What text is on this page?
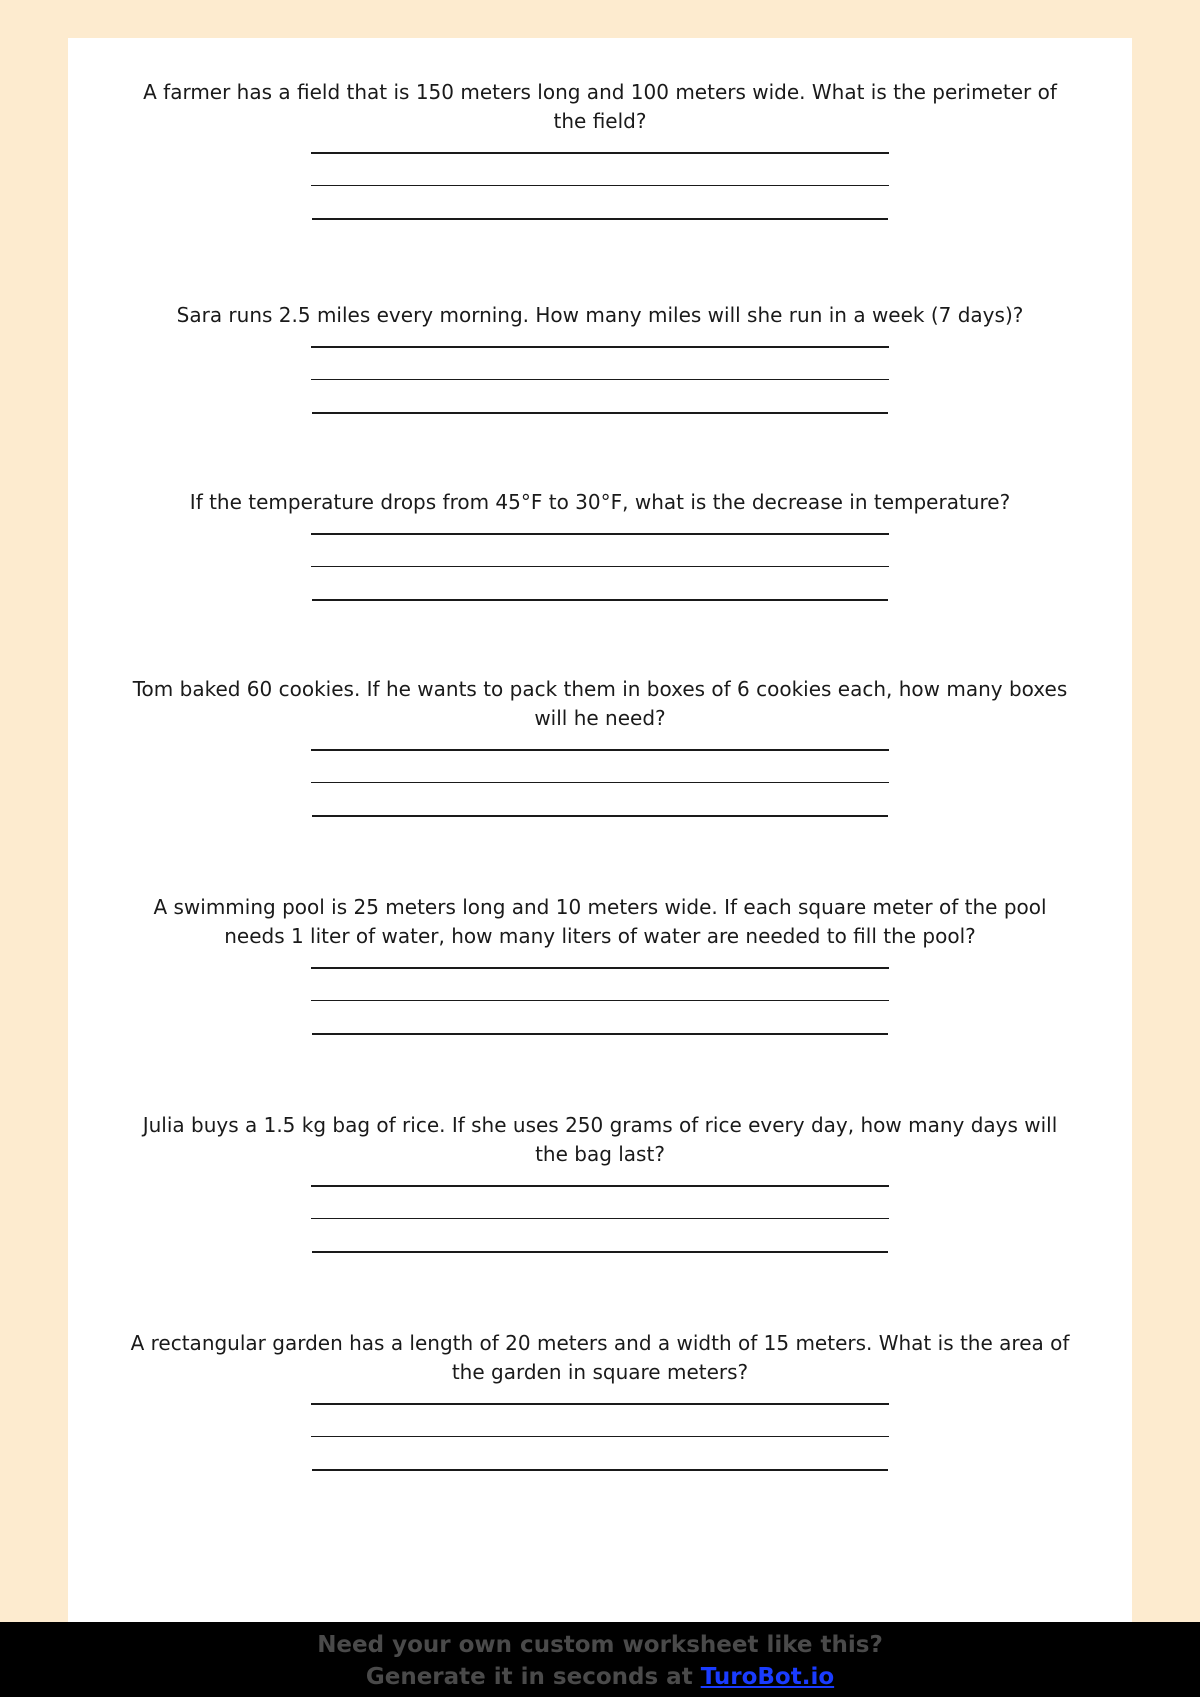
A farmer has a field that is 150 meters long and 100 meters wide. What is the perimeter of the field?

Sara runs 2.5 miles every morning. How many miles will she run in a week (7 days)?

If the temperature drops from 45°F to 30°F, what is the decrease in temperature?

Tom baked 60 cookies. If he wants to pack them in boxes of 6 cookies each, how many boxes will he need?

A swimming pool is 25 meters long and 10 meters wide. If each square meter of the pool needs 1 liter of water, how many liters of water are needed to fill the pool?

Julia buys a 1.5 kg bag of rice. If she uses 250 grams of rice every day, how many days will the bag last?

A rectangular garden has a length of 20 meters and a width of 15 meters. What is the area of the garden in square meters?

Need your own custom worksheet like this?
Generate it in seconds at TuroBot.io
